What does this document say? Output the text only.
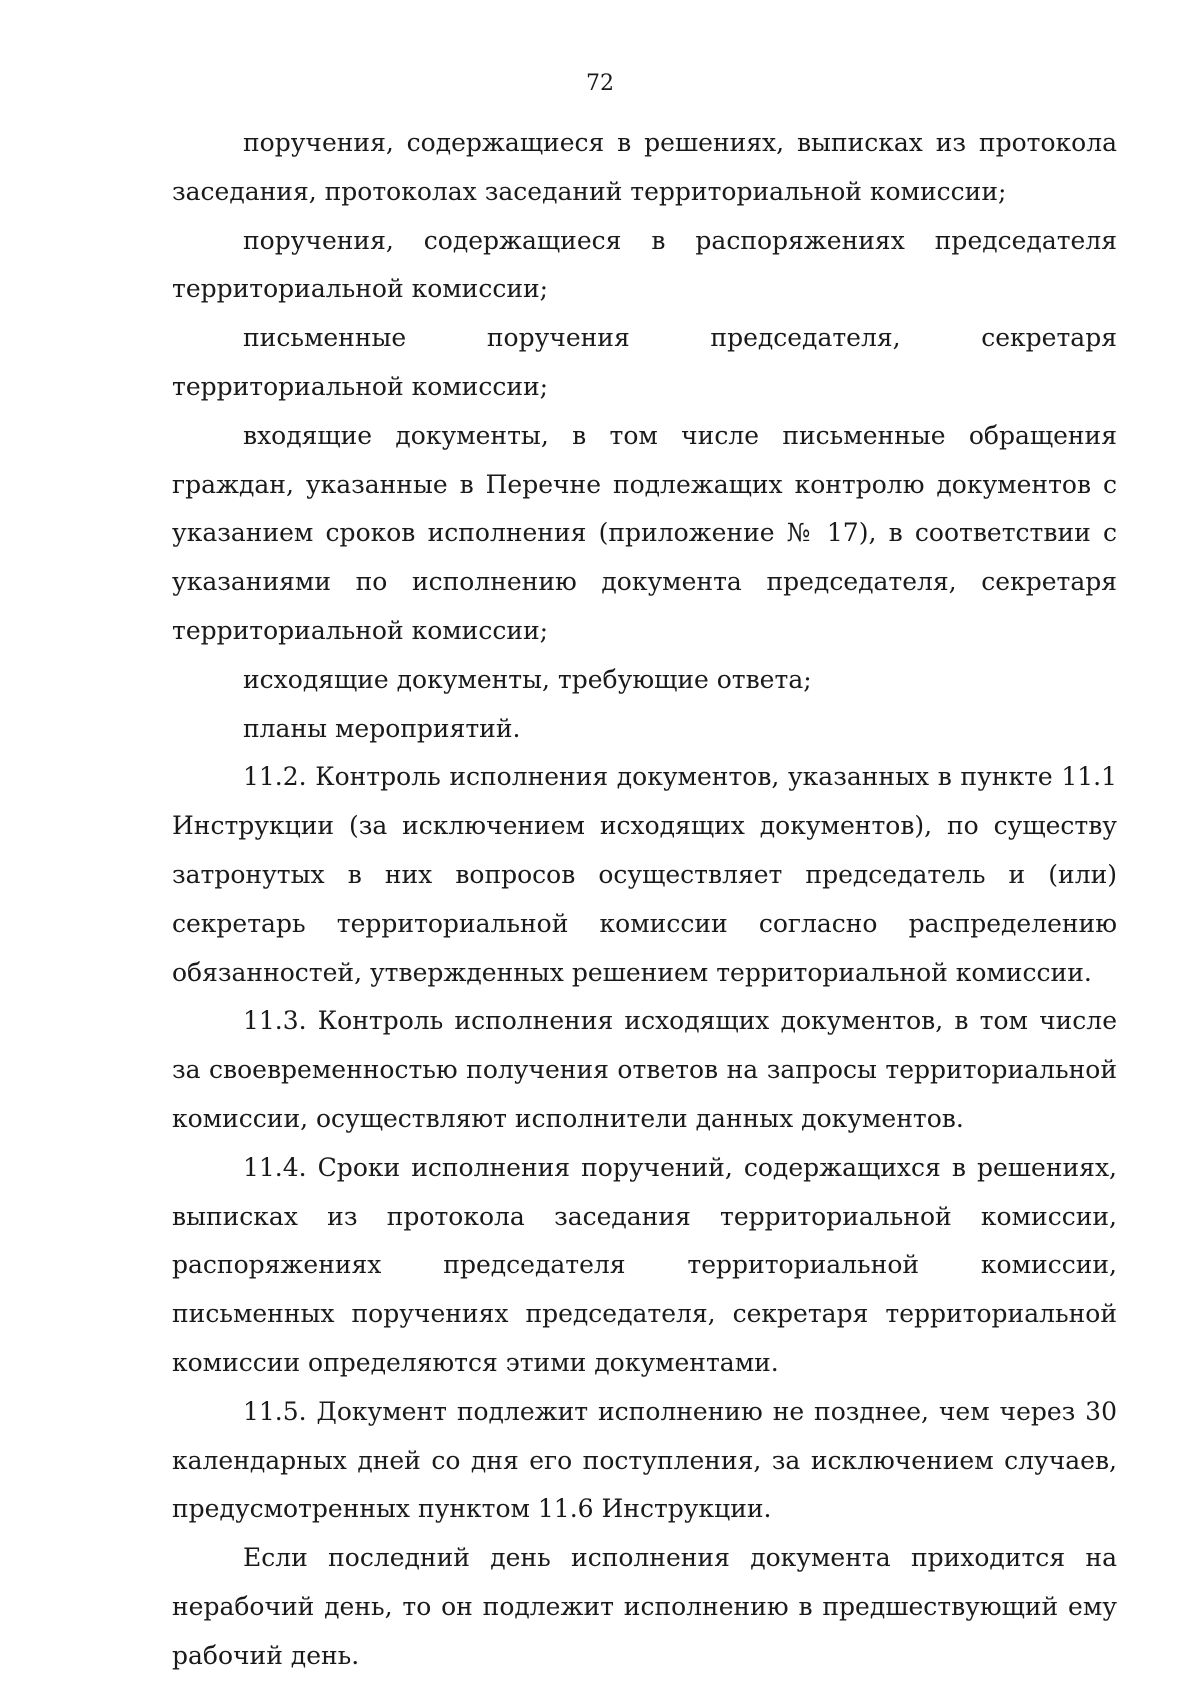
72

поручения, содержащиеся в решениях, выписках из протокола заседания, протоколах заседаний территориальной комиссии;

поручения, содержащиеся в распоряжениях председателя территориальной комиссии;

письменные поручения председателя, секретаря территориальной комиссии;

входящие документы, в том числе письменные обращения граждан, указанные в Перечне подлежащих контролю документов с указанием сроков исполнения (приложение № 17), в соответствии с указаниями по исполнению документа председателя, секретаря территориальной комиссии;

исходящие документы, требующие ответа;

планы мероприятий.

11.2. Контроль исполнения документов, указанных в пункте 11.1 Инструкции (за исключением исходящих документов), по существу затронутых в них вопросов осуществляет председатель и (или) секретарь территориальной комиссии согласно распределению обязанностей, утвержденных решением территориальной комиссии.

11.3. Контроль исполнения исходящих документов, в том числе за своевременностью получения ответов на запросы территориальной комиссии, осуществляют исполнители данных документов.

11.4. Сроки исполнения поручений, содержащихся в решениях, выписках из протокола заседания территориальной комиссии, распоряжениях председателя территориальной комиссии, письменных поручениях председателя, секретаря территориальной комиссии определяются этими документами.

11.5. Документ подлежит исполнению не позднее, чем через 30 календарных дней со дня его поступления, за исключением случаев, предусмотренных пунктом 11.6 Инструкции.

Если последний день исполнения документа приходится на нерабочий день, то он подлежит исполнению в предшествующий ему рабочий день.
